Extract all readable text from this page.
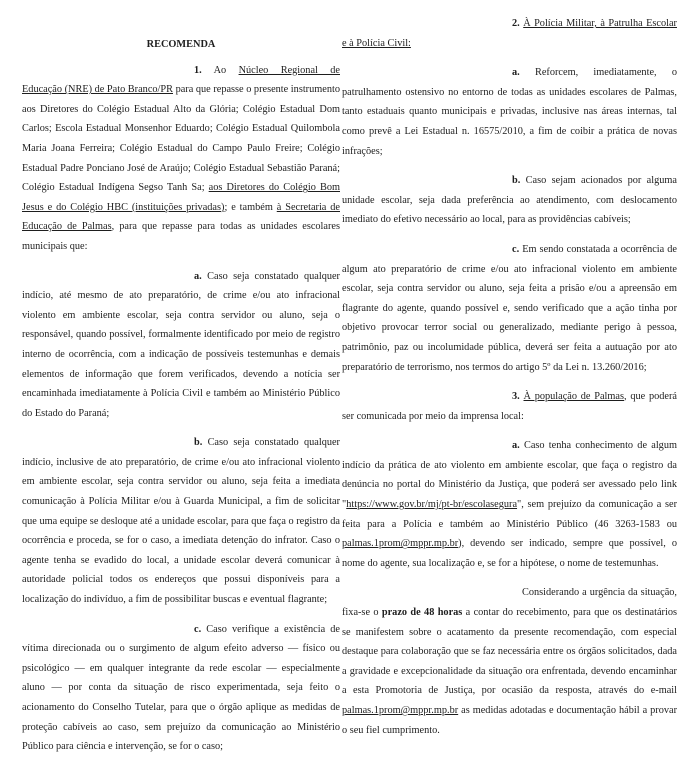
RECOMENDA

1. Ao Núcleo Regional de Educação (NRE) de Pato Branco/PR para que repasse o presente instrumento aos Diretores do Colégio Estadual Alto da Glória; Colégio Estadual Dom Carlos; Escola Estadual Monsenhor Eduardo; Colégio Estadual Quilombola Maria Joana Ferreira; Colégio Estadual do Campo Paulo Freire; Colégio Estadual Padre Ponciano José de Araújo; Colégio Estadual Sebastião Paraná; Colégio Estadual Indígena Segso Tanh Sa; aos Diretores do Colégio Bom Jesus e do Colégio HBC (instituições privadas); e também à Secretaria de Educação de Palmas, para que repasse para todas as unidades escolares municipais que:

a. Caso seja constatado qualquer indício, até mesmo de ato preparatório, de crime e/ou ato infracional violento em ambiente escolar, seja contra servidor ou aluno, seja o responsável, quando possível, formalmente identificado por meio de registro interno de ocorrência, com a indicação de possíveis testemunhas e demais elementos de informação que forem verificados, devendo a notícia ser encaminhada imediatamente à Polícia Civil e também ao Ministério Público do Estado do Paraná;

b. Caso seja constatado qualquer indício, inclusive de ato preparatório, de crime e/ou ato infracional violento em ambiente escolar, seja contra servidor ou aluno, seja feita a imediata comunicação à Polícia Militar e/ou à Guarda Municipal, a fim de solicitar que uma equipe se desloque até a unidade escolar, para que faça o registro da ocorrência e proceda, se for o caso, a imediata detenção do infrator. Caso o agente tenha se evadido do local, a unidade escolar deverá comunicar à autoridade policial todos os endereços que possui disponíveis para a localização do indivíduo, a fim de possibilitar buscas e eventual flagrante;

c. Caso verifique a existência de vítima direcionada ou o surgimento de algum efeito adverso — físico ou psicológico — em qualquer integrante da rede escolar — especialmente aluno — por conta da situação de risco experimentada, seja feito o acionamento do Conselho Tutelar, para que o órgão aplique as medidas de proteção cabíveis ao caso, sem prejuízo da comunicação ao Ministério Público para ciência e intervenção, se for o caso;

2. À Polícia Militar, à Patrulha Escolar e à Polícia Civil:

a. Reforcem, imediatamente, o patrulhamento ostensivo no entorno de todas as unidades escolares de Palmas, tanto estaduais quanto municipais e privadas, inclusive nas áreas internas, tal como prevê a Lei Estadual n. 16575/2010, a fim de coibir a prática de novas infrações;

b. Caso sejam acionados por alguma unidade escolar, seja dada preferência ao atendimento, com deslocamento imediato do efetivo necessário ao local, para as providências cabíveis;

c. Em sendo constatada a ocorrência de algum ato preparatório de crime e/ou ato infracional violento em ambiente escolar, seja contra servidor ou aluno, seja feita a prisão e/ou a apreensão em flagrante do agente, quando possível e, sendo verificado que a ação tinha por objetivo provocar terror social ou generalizado, mediante perigo à pessoa, patrimônio, paz ou incolumidade pública, deverá ser feita a autuação por ato preparatório de terrorismo, nos termos do artigo 5º da Lei n. 13.260/2016;

3. À população de Palmas, que poderá ser comunicada por meio da imprensa local:

a. Caso tenha conhecimento de algum indício da prática de ato violento em ambiente escolar, que faça o registro da denúncia no portal do Ministério da Justiça, que poderá ser avessado pelo link "https://www.gov.br/mj/pt-br/escolasegura", sem prejuízo da comunicação a ser feita para a Polícia e também ao Ministério Público (46 3263-1583 ou palmas.1prom@mppr.mp.br), devendo ser indicado, sempre que possível, o nome do agente, sua localização e, se for a hipótese, o nome de testemunhas.

Considerando a urgência da situação, fixa-se o prazo de 48 horas a contar do recebimento, para que os destinatários se manifestem sobre o acatamento da presente recomendação, com especial destaque para colaboração que se faz necessária entre os órgãos solicitados, dada a gravidade e excepcionalidade da situação ora enfrentada, devendo encaminhar a esta Promotoria de Justiça, por ocasião da resposta, através do e-mail palmas.1prom@mppr.mp.br as medidas adotadas e documentação hábil a provar o seu fiel cumprimento.
